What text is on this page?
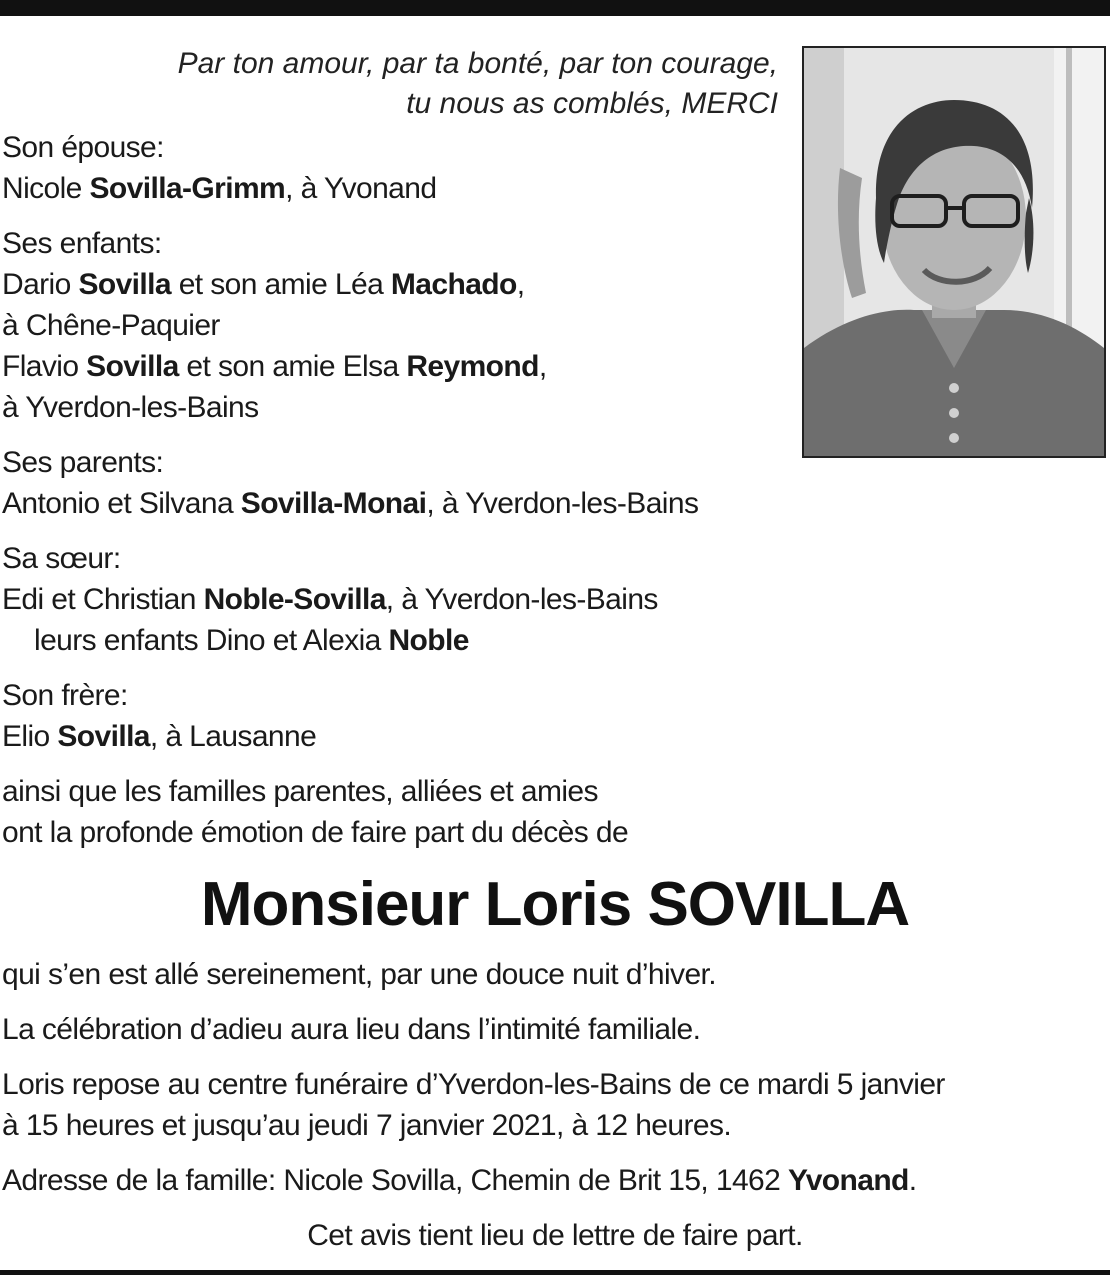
Par ton amour, par ta bonté, par ton courage,
tu nous as comblés, MERCI
Son épouse:
Nicole Sovilla-Grimm, à Yvonand
Ses enfants:
Dario Sovilla et son amie Léa Machado,
à Chêne-Paquier
Flavio Sovilla et son amie Elsa Reymond,
à Yverdon-les-Bains
Ses parents:
Antonio et Silvana Sovilla-Monai, à Yverdon-les-Bains
Sa sœur:
Edi et Christian Noble-Sovilla, à Yverdon-les-Bains
leurs enfants Dino et Alexia Noble
Son frère:
Elio Sovilla, à Lausanne
ainsi que les familles parentes, alliées et amies
ont la profonde émotion de faire part du décès de
Monsieur Loris SOVILLA
qui s’en est allé sereinement, par une douce nuit d’hiver.
La célébration d’adieu aura lieu dans l’intimité familiale.
Loris repose au centre funéraire d’Yverdon-les-Bains de ce mardi 5 janvier
à 15 heures et jusqu’au jeudi 7 janvier 2021, à 12 heures.
Adresse de la famille: Nicole Sovilla, Chemin de Brit 15, 1462 Yvonand.
Cet avis tient lieu de lettre de faire part.
